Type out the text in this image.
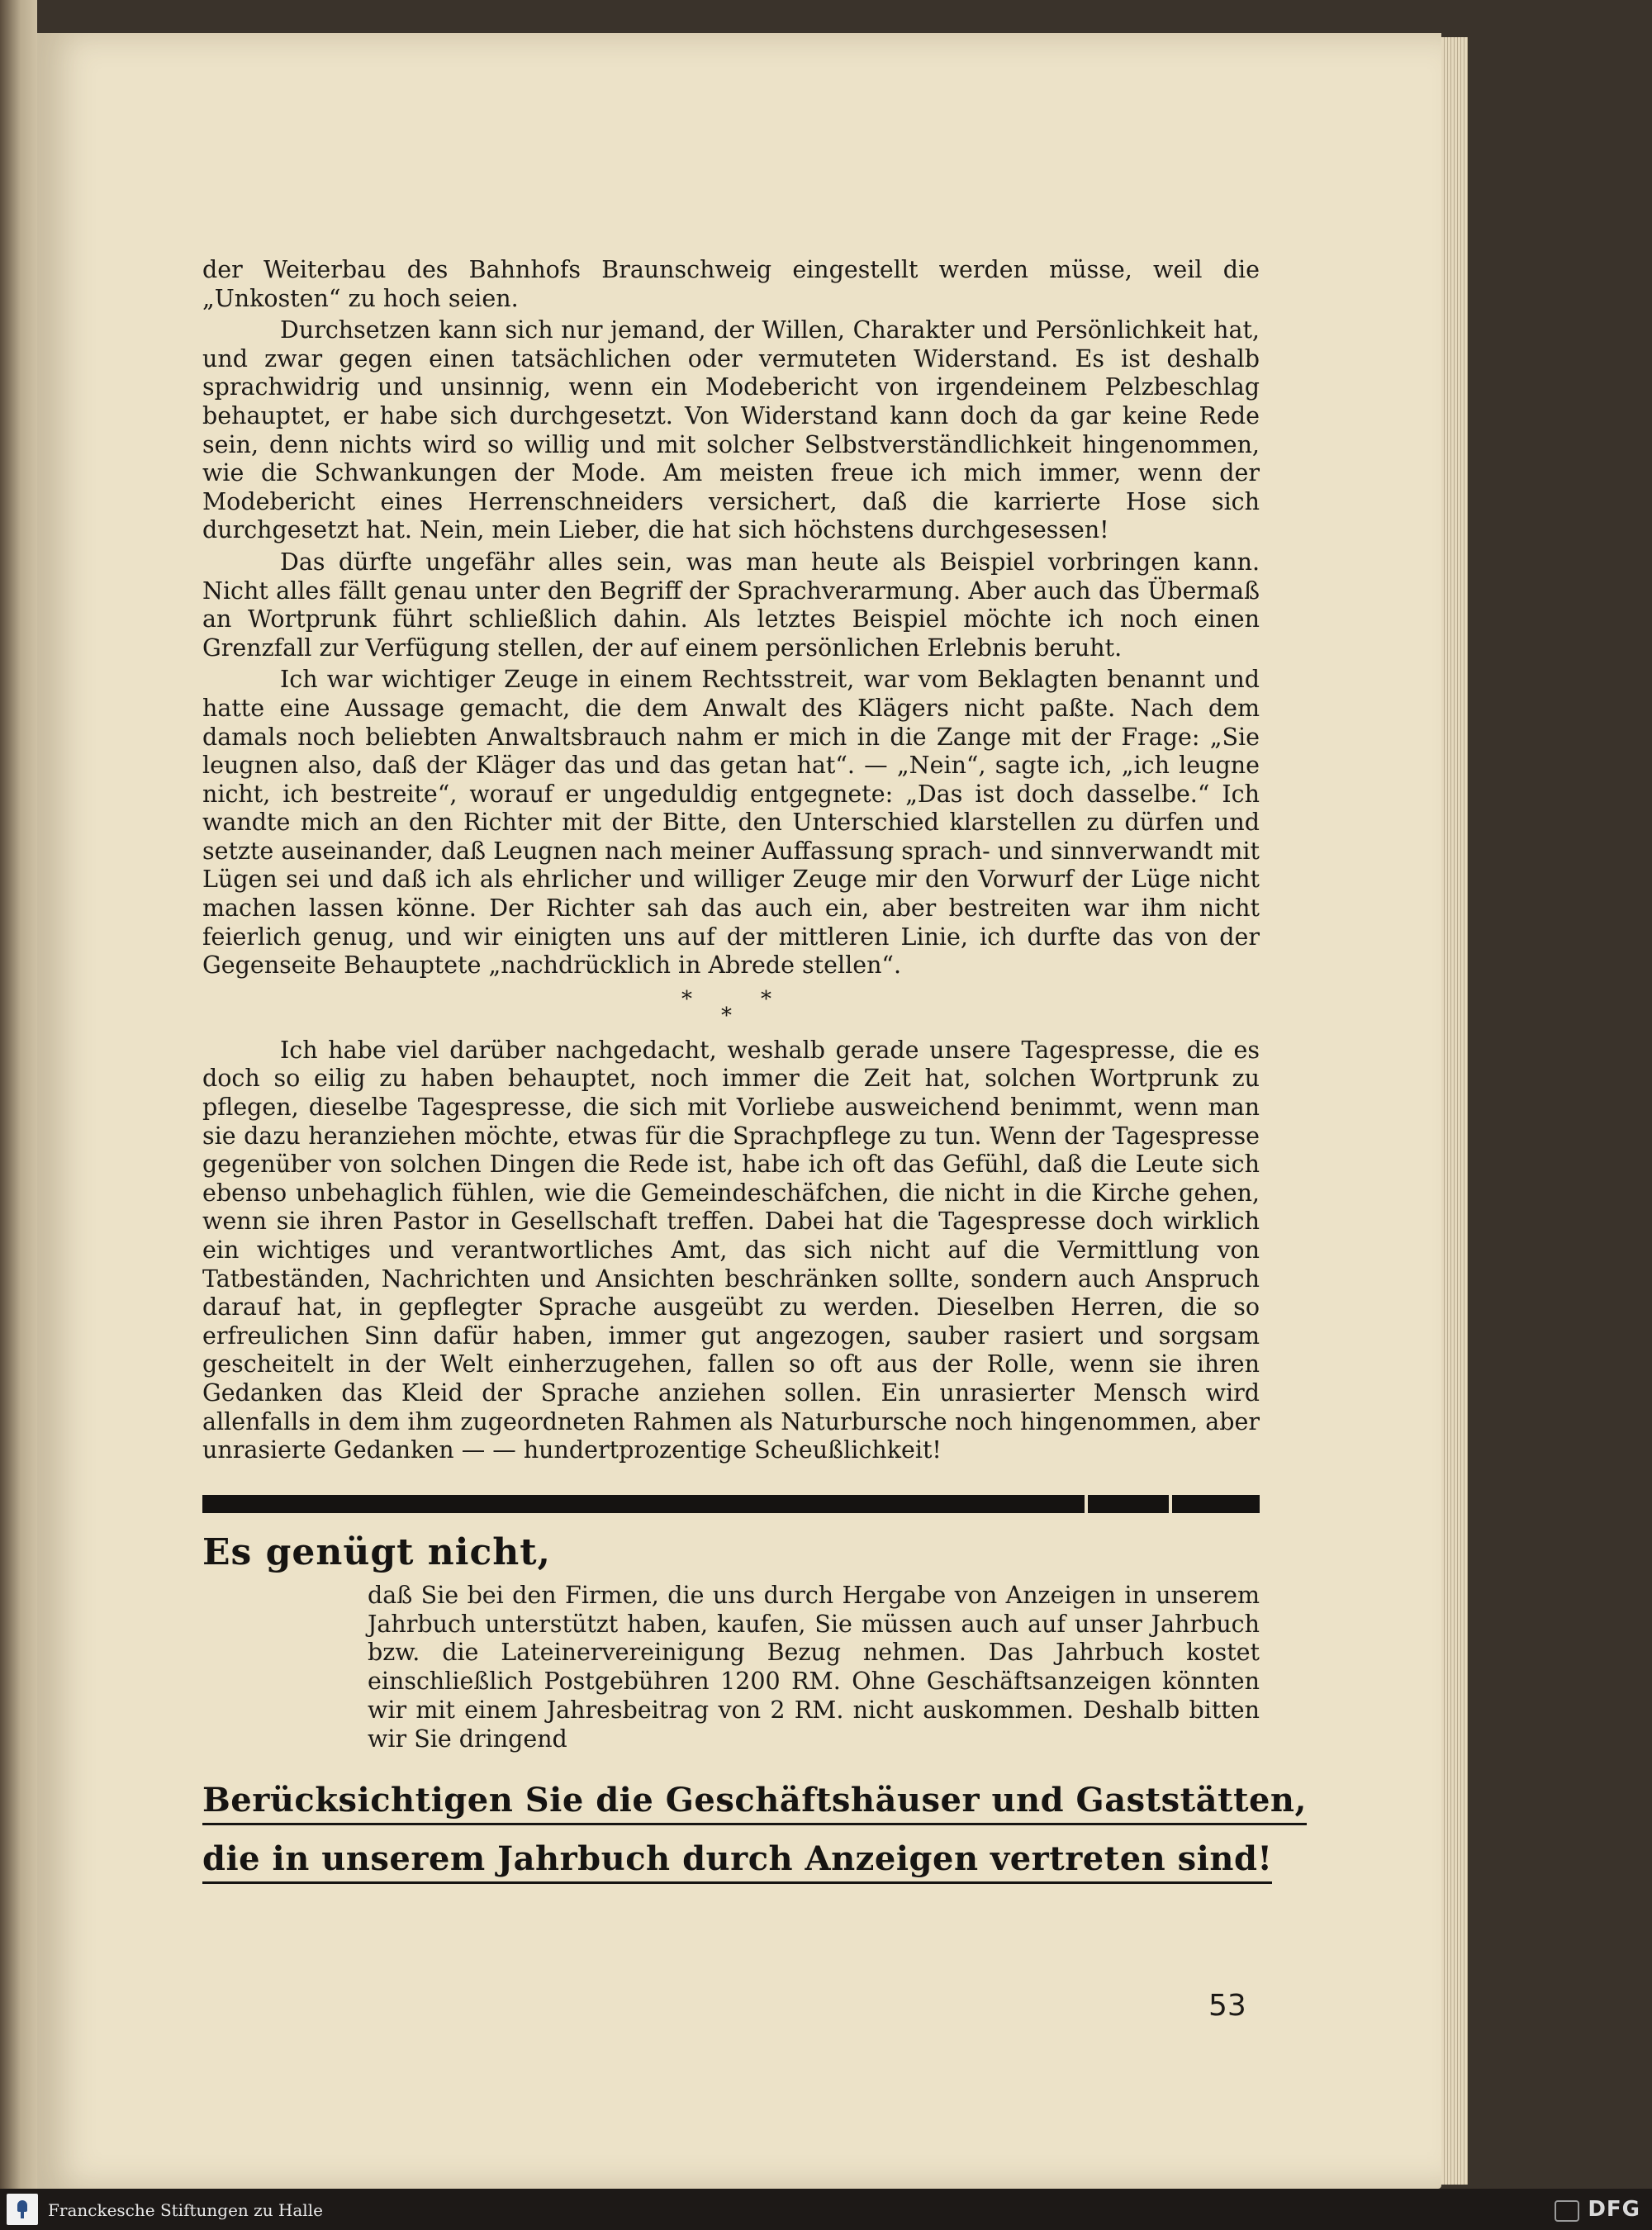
der Weiterbau des Bahnhofs Braunschweig eingestellt werden müsse, weil die „Unkosten“ zu hoch seien.

Durchsetzen kann sich nur jemand, der Willen, Charakter und Persönlichkeit hat, und zwar gegen einen tatsächlichen oder vermuteten Widerstand. Es ist deshalb sprachwidrig und unsinnig, wenn ein Modebericht von irgendeinem Pelzbeschlag behauptet, er habe sich durchgesetzt. Von Widerstand kann doch da gar keine Rede sein, denn nichts wird so willig und mit solcher Selbstverständlichkeit hingenommen, wie die Schwankungen der Mode. Am meisten freue ich mich immer, wenn der Modebericht eines Herrenschneiders versichert, daß die karrierte Hose sich durchgesetzt hat. Nein, mein Lieber, die hat sich höchstens durchgesessen!

Das dürfte ungefähr alles sein, was man heute als Beispiel vorbringen kann. Nicht alles fällt genau unter den Begriff der Sprachverarmung. Aber auch das Übermaß an Wortprunk führt schließlich dahin. Als letztes Beispiel möchte ich noch einen Grenzfall zur Verfügung stellen, der auf einem persönlichen Erlebnis beruht.

Ich war wichtiger Zeuge in einem Rechtsstreit, war vom Beklagten benannt und hatte eine Aussage gemacht, die dem Anwalt des Klägers nicht paßte. Nach dem damals noch beliebten Anwaltsbrauch nahm er mich in die Zange mit der Frage: „Sie leugnen also, daß der Kläger das und das getan hat“. — „Nein“, sagte ich, „ich leugne nicht, ich bestreite“, worauf er ungeduldig entgegnete: „Das ist doch dasselbe.“ Ich wandte mich an den Richter mit der Bitte, den Unterschied klarstellen zu dürfen und setzte auseinander, daß Leugnen nach meiner Auffassung sprach- und sinnverwandt mit Lügen sei und daß ich als ehrlicher und williger Zeuge mir den Vorwurf der Lüge nicht machen lassen könne. Der Richter sah das auch ein, aber bestreiten war ihm nicht feierlich genug, und wir einigten uns auf der mittleren Linie, ich durfte das von der Gegenseite Behauptete „nachdrücklich in Abrede stellen“.

*	*
*

Ich habe viel darüber nachgedacht, weshalb gerade unsere Tagespresse, die es doch so eilig zu haben behauptet, noch immer die Zeit hat, solchen Wortprunk zu pflegen, dieselbe Tagespresse, die sich mit Vorliebe ausweichend benimmt, wenn man sie dazu heranziehen möchte, etwas für die Sprachpflege zu tun. Wenn der Tagespresse gegenüber von solchen Dingen die Rede ist, habe ich oft das Gefühl, daß die Leute sich ebenso unbehaglich fühlen, wie die Gemeindeschäfchen, die nicht in die Kirche gehen, wenn sie ihren Pastor in Gesellschaft treffen. Dabei hat die Tagespresse doch wirklich ein wichtiges und verantwortliches Amt, das sich nicht auf die Vermittlung von Tatbeständen, Nachrichten und Ansichten beschränken sollte, sondern auch Anspruch darauf hat, in gepflegter Sprache ausgeübt zu werden. Dieselben Herren, die so erfreulichen Sinn dafür haben, immer gut angezogen, sauber rasiert und sorgsam gescheitelt in der Welt einherzugehen, fallen so oft aus der Rolle, wenn sie ihren Gedanken das Kleid der Sprache anziehen sollen. Ein unrasierter Mensch wird allenfalls in dem ihm zugeordneten Rahmen als Naturbursche noch hingenommen, aber unrasierte Gedanken — — hundertprozentige Scheußlichkeit!

Es genügt nicht,
daß Sie bei den Firmen, die uns durch Hergabe von Anzeigen in unserem Jahrbuch unterstützt haben, kaufen, Sie müssen auch auf unser Jahrbuch bzw. die Lateinervereinigung Bezug nehmen. Das Jahrbuch kostet einschließlich Postgebühren 1200 RM. Ohne Geschäftsanzeigen könnten wir mit einem Jahresbeitrag von 2 RM. nicht auskommen. Deshalb bitten wir Sie dringend
Berücksichtigen Sie die Geschäftshäuser und Gaststätten,
die in unserem Jahrbuch durch Anzeigen vertreten sind!
53
Franckesche Stiftungen zu Halle	DFG
